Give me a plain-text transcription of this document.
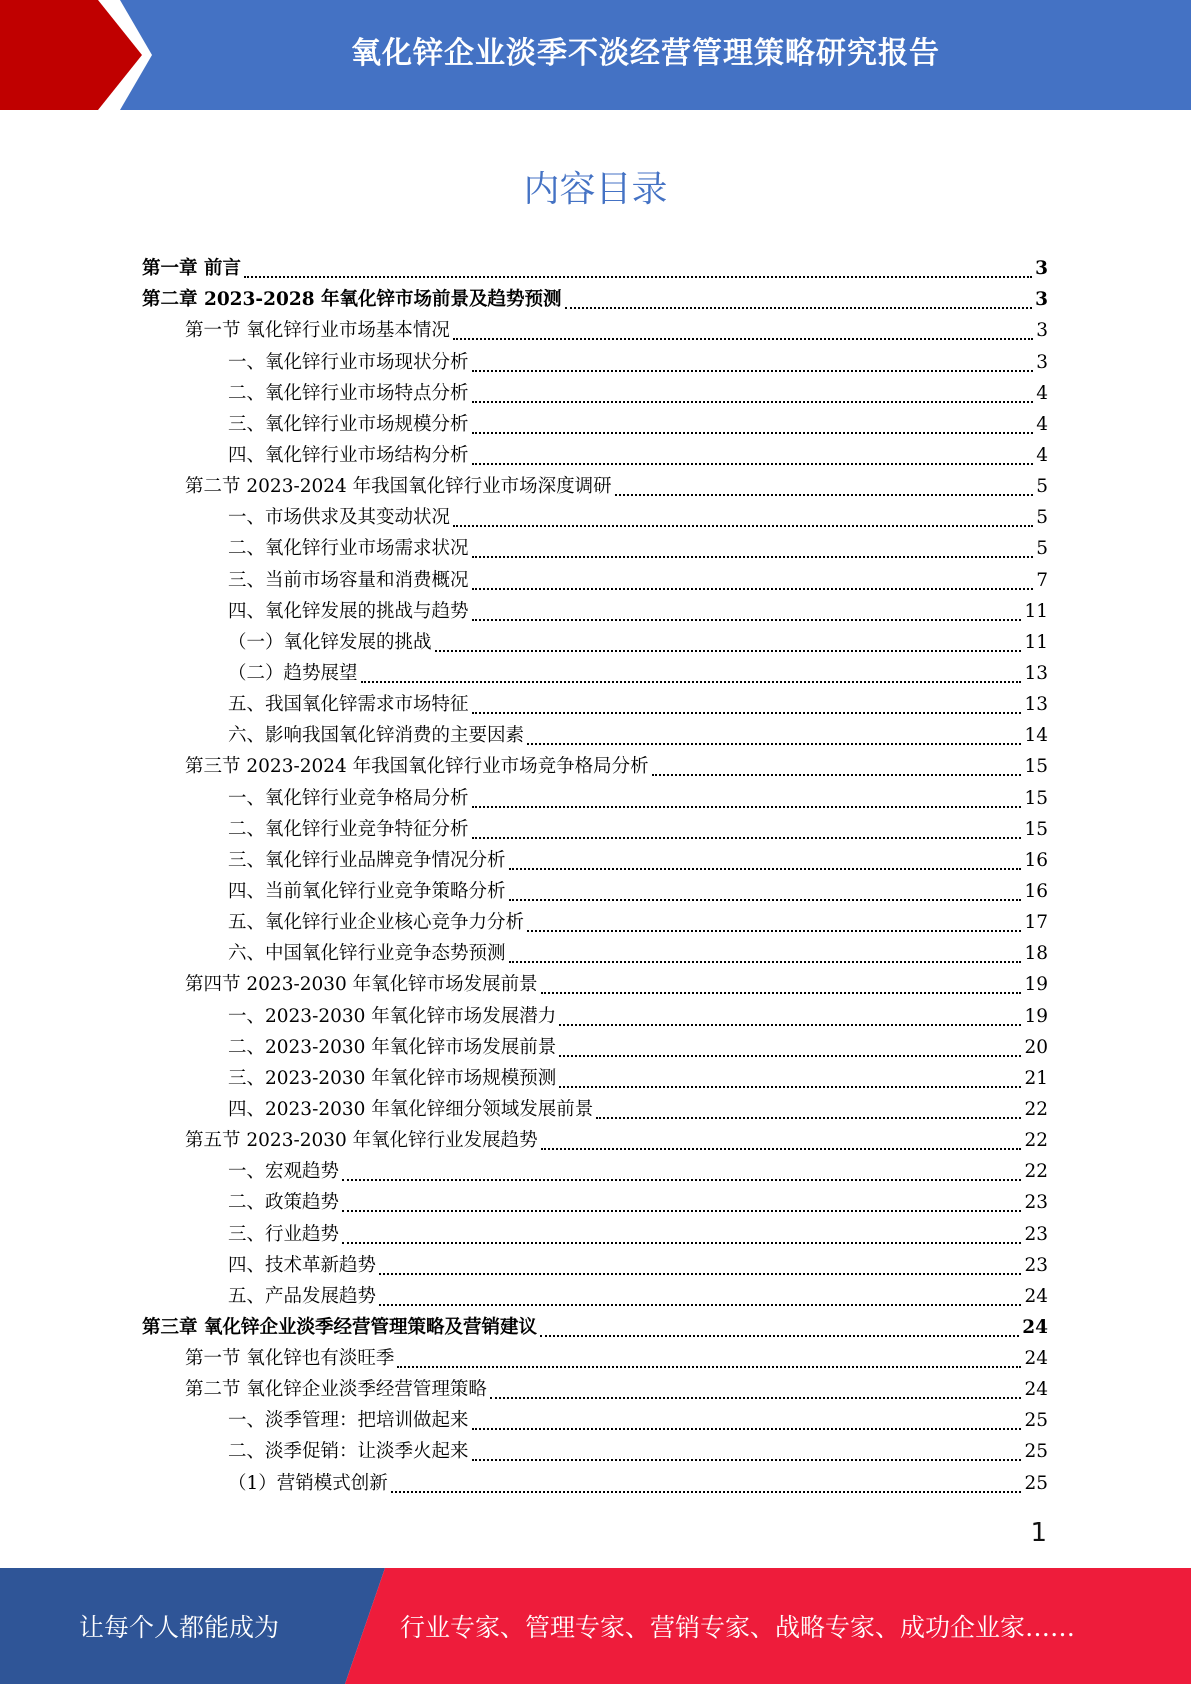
氧化锌企业淡季不淡经营管理策略研究报告
内容目录
第一章 前言	3
第二章 2023-2028 年氧化锌市场前景及趋势预测	3
第一节 氧化锌行业市场基本情况	3
一、氧化锌行业市场现状分析	3
二、氧化锌行业市场特点分析	4
三、氧化锌行业市场规模分析	4
四、氧化锌行业市场结构分析	4
第二节 2023-2024 年我国氧化锌行业市场深度调研	5
一、市场供求及其变动状况	5
二、氧化锌行业市场需求状况	5
三、当前市场容量和消费概况	7
四、氧化锌发展的挑战与趋势	11
（一）氧化锌发展的挑战	11
（二）趋势展望	13
五、我国氧化锌需求市场特征	13
六、影响我国氧化锌消费的主要因素	14
第三节 2023-2024 年我国氧化锌行业市场竞争格局分析	15
一、氧化锌行业竞争格局分析	15
二、氧化锌行业竞争特征分析	15
三、氧化锌行业品牌竞争情况分析	16
四、当前氧化锌行业竞争策略分析	16
五、氧化锌行业企业核心竞争力分析	17
六、中国氧化锌行业竞争态势预测	18
第四节 2023-2030 年氧化锌市场发展前景	19
一、2023-2030 年氧化锌市场发展潜力	19
二、2023-2030 年氧化锌市场发展前景	20
三、2023-2030 年氧化锌市场规模预测	21
四、2023-2030 年氧化锌细分领域发展前景	22
第五节 2023-2030 年氧化锌行业发展趋势	22
一、宏观趋势	22
二、政策趋势	23
三、行业趋势	23
四、技术革新趋势	23
五、产品发展趋势	24
第三章 氧化锌企业淡季经营管理策略及营销建议	24
第一节 氧化锌也有淡旺季	24
第二节 氧化锌企业淡季经营管理策略	24
一、淡季管理：把培训做起来	25
二、淡季促销：让淡季火起来	25
（1）营销模式创新	25
1
让每个人都能成为	行业专家、管理专家、营销专家、战略专家、成功企业家……
